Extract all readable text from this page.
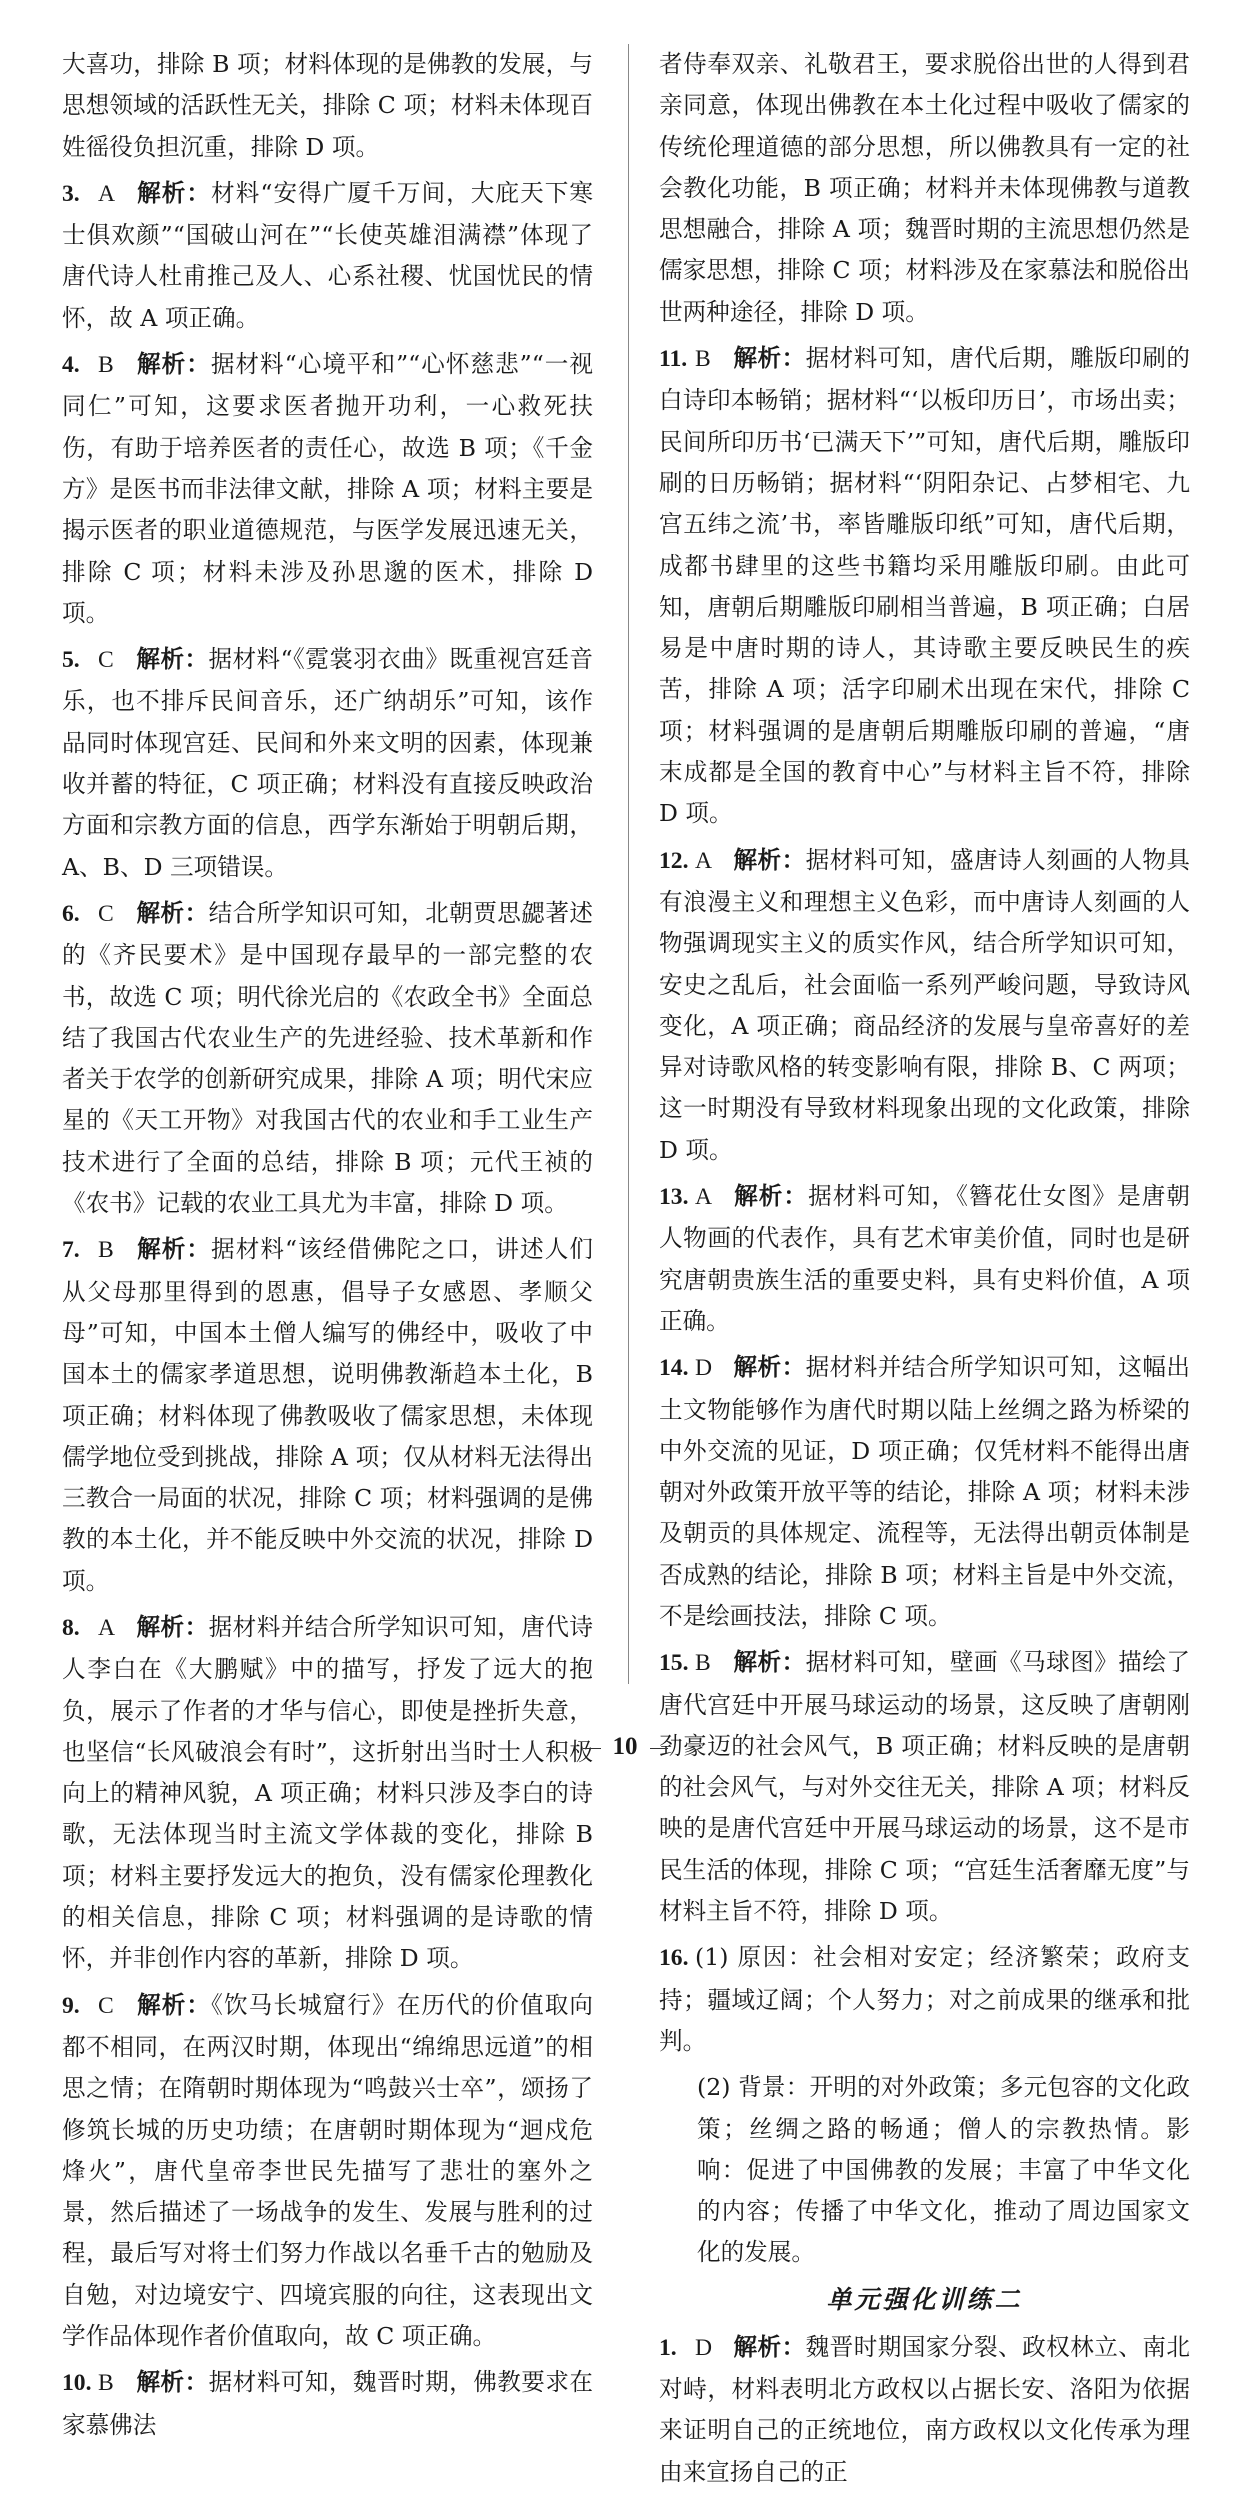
大喜功，排除 B 项；材料体现的是佛教的发展，与思想领域的活跃性无关，排除 C 项；材料未体现百姓徭役负担沉重，排除 D 项。

3. A 解析：材料“安得广厦千万间，大庇天下寒士俱欢颜”“国破山河在”“长使英雄泪满襟”体现了唐代诗人杜甫推己及人、心系社稷、忧国忧民的情怀，故 A 项正确。

4. B 解析：据材料“心境平和”“心怀慈悲”“一视同仁”可知，这要求医者抛开功利，一心救死扶伤，有助于培养医者的责任心，故选 B 项；《千金方》是医书而非法律文献，排除 A 项；材料主要是揭示医者的职业道德规范，与医学发展迅速无关，排除 C 项；材料未涉及孙思邈的医术，排除 D 项。

5. C 解析：据材料“《霓裳羽衣曲》既重视宫廷音乐，也不排斥民间音乐，还广纳胡乐”可知，该作品同时体现宫廷、民间和外来文明的因素，体现兼收并蓄的特征，C 项正确；材料没有直接反映政治方面和宗教方面的信息，西学东渐始于明朝后期，A、B、D 三项错误。

6. C 解析：结合所学知识可知，北朝贾思勰著述的《齐民要术》是中国现存最早的一部完整的农书，故选 C 项；明代徐光启的《农政全书》全面总结了我国古代农业生产的先进经验、技术革新和作者关于农学的创新研究成果，排除 A 项；明代宋应星的《天工开物》对我国古代的农业和手工业生产技术进行了全面的总结，排除 B 项；元代王祯的《农书》记载的农业工具尤为丰富，排除 D 项。

7. B 解析：据材料“该经借佛陀之口，讲述人们从父母那里得到的恩惠，倡导子女感恩、孝顺父母”可知，中国本土僧人编写的佛经中，吸收了中国本土的儒家孝道思想，说明佛教渐趋本土化，B 项正确；材料体现了佛教吸收了儒家思想，未体现儒学地位受到挑战，排除 A 项；仅从材料无法得出三教合一局面的状况，排除 C 项；材料强调的是佛教的本土化，并不能反映中外交流的状况，排除 D 项。

8. A 解析：据材料并结合所学知识可知，唐代诗人李白在《大鹏赋》中的描写，抒发了远大的抱负，展示了作者的才华与信心，即使是挫折失意，也坚信“长风破浪会有时”，这折射出当时士人积极向上的精神风貌，A 项正确；材料只涉及李白的诗歌，无法体现当时主流文学体裁的变化，排除 B 项；材料主要抒发远大的抱负，没有儒家伦理教化的相关信息，排除 C 项；材料强调的是诗歌的情怀，并非创作内容的革新，排除 D 项。

9. C 解析：《饮马长城窟行》在历代的价值取向都不相同，在两汉时期，体现出“绵绵思远道”的相思之情；在隋朝时期体现为“鸣鼓兴士卒”，颂扬了修筑长城的历史功绩；在唐朝时期体现为“迴戍危烽火”，唐代皇帝李世民先描写了悲壮的塞外之景，然后描述了一场战争的发生、发展与胜利的过程，最后写对将士们努力作战以名垂千古的勉励及自勉，对边境安宁、四境宾服的向往，这表现出文学作品体现作者价值取向，故 C 项正确。

10. B 解析：据材料可知，魏晋时期，佛教要求在家慕佛法

者侍奉双亲、礼敬君王，要求脱俗出世的人得到君亲同意，体现出佛教在本土化过程中吸收了儒家的传统伦理道德的部分思想，所以佛教具有一定的社会教化功能，B 项正确；材料并未体现佛教与道教思想融合，排除 A 项；魏晋时期的主流思想仍然是儒家思想，排除 C 项；材料涉及在家慕法和脱俗出世两种途径，排除 D 项。

11. B 解析：据材料可知，唐代后期，雕版印刷的白诗印本畅销；据材料“‘以板印历日’，市场出卖；民间所印历书‘已满天下’”可知，唐代后期，雕版印刷的日历畅销；据材料“‘阴阳杂记、占梦相宅、九宫五纬之流’书，率皆雕版印纸”可知，唐代后期，成都书肆里的这些书籍均采用雕版印刷。由此可知，唐朝后期雕版印刷相当普遍，B 项正确；白居易是中唐时期的诗人，其诗歌主要反映民生的疾苦，排除 A 项；活字印刷术出现在宋代，排除 C 项；材料强调的是唐朝后期雕版印刷的普遍，“唐末成都是全国的教育中心”与材料主旨不符，排除 D 项。

12. A 解析：据材料可知，盛唐诗人刻画的人物具有浪漫主义和理想主义色彩，而中唐诗人刻画的人物强调现实主义的质实作风，结合所学知识可知，安史之乱后，社会面临一系列严峻问题，导致诗风变化，A 项正确；商品经济的发展与皇帝喜好的差异对诗歌风格的转变影响有限，排除 B、C 两项；这一时期没有导致材料现象出现的文化政策，排除 D 项。

13. A 解析：据材料可知，《簪花仕女图》是唐朝人物画的代表作，具有艺术审美价值，同时也是研究唐朝贵族生活的重要史料，具有史料价值，A 项正确。

14. D 解析：据材料并结合所学知识可知，这幅出土文物能够作为唐代时期以陆上丝绸之路为桥梁的中外交流的见证，D 项正确；仅凭材料不能得出唐朝对外政策开放平等的结论，排除 A 项；材料未涉及朝贡的具体规定、流程等，无法得出朝贡体制是否成熟的结论，排除 B 项；材料主旨是中外交流，不是绘画技法，排除 C 项。

15. B 解析：据材料可知，壁画《马球图》描绘了唐代宫廷中开展马球运动的场景，这反映了唐朝刚劲豪迈的社会风气，B 项正确；材料反映的是唐朝的社会风气，与对外交往无关，排除 A 项；材料反映的是唐代宫廷中开展马球运动的场景，这不是市民生活的体现，排除 C 项；“宫廷生活奢靡无度”与材料主旨不符，排除 D 项。

16. (1) 原因：社会相对安定；经济繁荣；政府支持；疆域辽阔；个人努力；对之前成果的继承和批判。

(2) 背景：开明的对外政策；多元包容的文化政策；丝绸之路的畅通；僧人的宗教热情。影响：促进了中国佛教的发展；丰富了中华文化的内容；传播了中华文化，推动了周边国家文化的发展。

单元强化训练二

1. D 解析：魏晋时期国家分裂、政权林立、南北对峙，材料表明北方政权以占据长安、洛阳为依据来证明自己的正统地位，南方政权以文化传承为理由来宣扬自己的正

10
